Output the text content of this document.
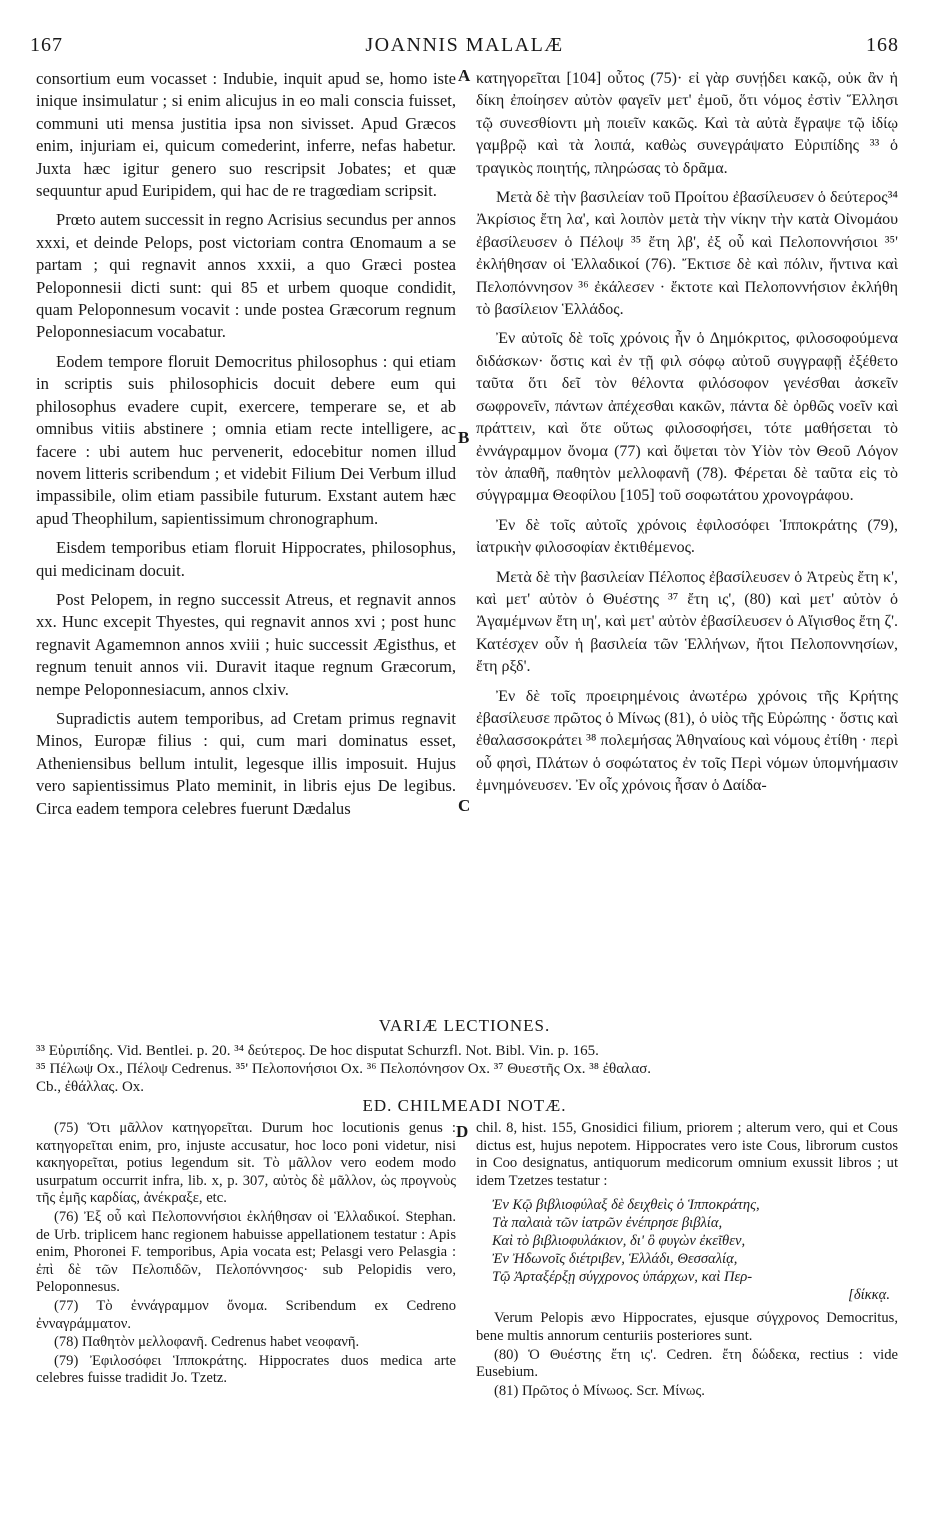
167	JOANNIS MALALÆ	168

consortium eum vocasset : Indubie, inquit apud se, homo iste inique insimulatur ; si enim alicujus in eo mali conscia fuisset, communi uti mensa justitia ipsa non sivisset. Apud Græcos enim, injuriam ei, quicum comederint, inferre, nefas habetur. Juxta hæc igitur genero suo rescripsit Jobates; et quæ sequuntur apud Euripidem, qui hac de re tragœdiam scripsit.

Prœto autem successit in regno Acrisius secundus per annos xxxi, et deinde Pelops, post victoriam contra Œnomaum a se partam ; qui regnavit annos xxxii, a quo Græci postea Peloponnesii dicti sunt: qui 85 et urbem quoque condidit, quam Peloponnesum vocavit : unde postea Græcorum regnum Peloponnesiacum vocabatur.

Eodem tempore floruit Democritus philosophus : qui etiam in scriptis suis philosophicis docuit debere eum qui philosophus evadere cupit, exercere, temperare se, et ab omnibus vitiis abstinere ; omnia etiam recte intelligere, ac facere : ubi autem huc pervenerit, edocebitur nomen illud novem litteris scribendum ; et videbit Filium Dei Verbum illud impassibile, olim etiam passibile futurum. Exstant autem hæc apud Theophilum, sapientissimum chronographum.

Eisdem temporibus etiam floruit Hippocrates, philosophus, qui medicinam docuit.

Post Pelopem, in regno successit Atreus, et regnavit annos xx. Hunc excepit Thyestes, qui regnavit annos xvi ; post hunc regnavit Agamemnon annos xviii ; huic successit Ægisthus, et regnum tenuit annos vii. Duravit itaque regnum Græcorum, nempe Peloponnesiacum, annos clxiv.

Supradictis autem temporibus, ad Cretam primus regnavit Minos, Europæ filius : qui, cum mari dominatus esset, Atheniensibus bellum intulit, legesque illis imposuit. Hujus vero sapientissimus Plato meminit, in libris ejus De legibus. Circa eadem tempora celebres fuerunt Dædalus

κατηγορεῖται [104] οὗτος (75)· εἰ γὰρ συνῄδει κακῷ, οὐκ ἂν ἡ δίκη ἐποίησεν αὐτὸν φαγεῖν μετ' ἐμοῦ, ὅτι νόμος ἐστὶν Ἕλλησι τῷ συνεσθίοντι μὴ ποιεῖν κακῶς. Καὶ τὰ αὐτὰ ἔγραψε τῷ ἰδίῳ γαμβρῷ καὶ τὰ λοιπά, καθὼς συνεγράψατο Εὐριπίδης ³³ ὁ τραγικὸς ποιητής, πληρώσας τὸ δρᾶμα.

Μετὰ δὲ τὴν βασιλείαν τοῦ Προίτου ἐβασίλευσεν ὁ δεύτερος³⁴ Ἀκρίσιος ἔτη λα', καὶ λοιπὸν μετὰ τὴν νίκην τὴν κατὰ Οἰνομάου ἐβασίλευσεν ὁ Πέλοψ ³⁵ ἔτη λβ', ἐξ οὗ καὶ Πελοποννήσιοι ³⁵' ἐκλήθησαν οἱ Ἑλλαδικοί (76). Ἔκτισε δὲ καὶ πόλιν, ἥντινα καὶ Πελοπόννησον ³⁶ ἐκάλεσεν · ἔκτοτε καὶ Πελοποννήσιον ἐκλήθη τὸ βασίλειον Ἑλλάδος.

Ἐν αὐτοῖς δὲ τοῖς χρόνοις ἦν ὁ Δημόκριτος, φιλοσοφούμενα διδάσκων· ὅστις καὶ ἐν τῇ φιλ σόφῳ αὐτοῦ συγγραφῇ ἐξέθετο ταῦτα ὅτι δεῖ τὸν θέλοντα φιλόσοφον γενέσθαι ἀσκεῖν σωφρονεῖν, πάντων ἀπέχεσθαι κακῶν, πάντα δὲ ὀρθῶς νοεῖν καὶ πράττειν, καὶ ὅτε οὕτως φιλοσοφήσει, τότε μαθήσεται τὸ ἐννάγραμμον ὄνομα (77) καὶ ὄψεται τὸν Υἱὸν τὸν Θεοῦ Λόγον τὸν ἀπαθῆ, παθητὸν μελλοφανῆ (78). Φέρεται δὲ ταῦτα εἰς τὸ σύγγραμμα Θεοφίλου [105] τοῦ σοφωτάτου χρονογράφου.

Ἐν δὲ τοῖς αὐτοῖς χρόνοις ἐφιλοσόφει Ἱπποκράτης (79), ἰατρικὴν φιλοσοφίαν ἐκτιθέμενος.

Μετὰ δὲ τὴν βασιλείαν Πέλοπος ἐβασίλευσεν ὁ Ἀτρεὺς ἔτη κ', καὶ μετ' αὐτὸν ὁ Θυέστης ³⁷ ἔτη ις', (80) καὶ μετ' αὐτὸν ὁ Ἀγαμέμνων ἔτη ιη', καὶ μετ' αὐτὸν ἐβασίλευσεν ὁ Αἴγισθος ἔτη ζ'. Κατέσχεν οὖν ἡ βασιλεία τῶν Ἑλλήνων, ἤτοι Πελοποννησίων, ἔτη ρξδ'.

Ἐν δὲ τοῖς προειρημένοις ἀνωτέρω χρόνοις τῆς Κρήτης ἐβασίλευσε πρῶτος ὁ Μίνως (81), ὁ υἱὸς τῆς Εὐρώπης · ὅστις καὶ ἐθαλασσοκράτει ³⁸ πολεμήσας Ἀθηναίους καὶ νόμους ἐτίθη · περὶ οὗ φησὶ, Πλάτων ὁ σοφώτατος ἐν τοῖς Περὶ νόμων ὑπομνήμασιν ἐμνημόνευσεν. Ἐν οἷς χρόνοις ἦσαν ὁ Δαίδα-

A
B
C
D
VARIÆ LECTIONES.
³³ Εὐριπίδης. Vid. Bentlei. p. 20. ³⁴ δεύτερος. De hoc disputat Schurzfl. Not. Bibl. Vin. p. 165.
³⁵ Πέλωψ Ox., Πέλοψ Cedrenus. ³⁵' Πελοπονήσιοι Ox. ³⁶ Πελοπόνησον Ox. ³⁷ Θυεστῆς Ox. ³⁸ ἐθαλασ.
Cb., ἐθάλλας. Ox.
ED. CHILMEADI NOTÆ.

(75) Ὅτι μᾶλλον κατηγορεῖται. Durum hoc locutionis genus : κατηγορεῖται enim, pro, injuste accusatur, hoc loco poni videtur, nisi κακηγορεῖται, potius legendum sit. Τὸ μᾶλλον vero eodem modo usurpatum occurrit infra, lib. x, p. 307, αὐτὸς δὲ μᾶλλον, ὡς προγνοὺς τῆς ἐμῆς καρδίας, ἀνέκραξε, etc.

(76) Ἐξ οὗ καὶ Πελοποννήσιοι ἐκλήθησαν οἱ Ἑλλαδικοί. Stephan. de Urb. triplicem hanc regionem habuisse appellationem testatur : Apis enim, Phoronei F. temporibus, Apia vocata est; Pelasgi vero Pelasgia : ἐπὶ δὲ τῶν Πελοπιδῶν, Πελοπόννησος· sub Pelopidis vero, Peloponnesus.

(77) Τὸ ἐννάγραμμον ὄνομα. Scribendum ex Cedreno ἐνναγράμματον.

(78) Παθητὸν μελλοφανῆ. Cedrenus habet νεοφανῆ.

(79) Ἐφιλοσόφει Ἱπποκράτης. Hippocrates duos medica arte celebres fuisse tradidit Jo. Tzetz.

chil. 8, hist. 155, Gnosidici filium, priorem ; alterum vero, qui et Cous dictus est, hujus nepotem. Hippocrates vero iste Cous, librorum custos in Coo designatus, antiquorum medicorum omnium exussit libros ; ut idem Tzetzes testatur :

Ἐν Κῷ βιβλιοφύλαξ δὲ δειχθεὶς ὁ Ἱπποκράτης,
Τὰ παλαιὰ τῶν ἰατρῶν ἐνέπρησε βιβλία,
Καὶ τὸ βιβλιοφυλάκιον, δι' ὃ φυγὼν ἐκεῖθεν,
Ἐν Ἠδωνοῖς διέτριβεν, Ἑλλάδι, Θεσσαλίᾳ,
Τῷ Ἀρταξέρξῃ σύγχρονος ὑπάρχων, καὶ Περ-
[δίκκᾳ.

Verum Pelopis ævo Hippocrates, ejusque σύγχρονος Democritus, bene multis annorum centuriis posteriores sunt.

(80) Ὁ Θυέστης ἔτη ις'. Cedren. ἔτη δώδεκα, rectius : vide Eusebium.

(81) Πρῶτος ὁ Μίνωος. Scr. Μίνως.
